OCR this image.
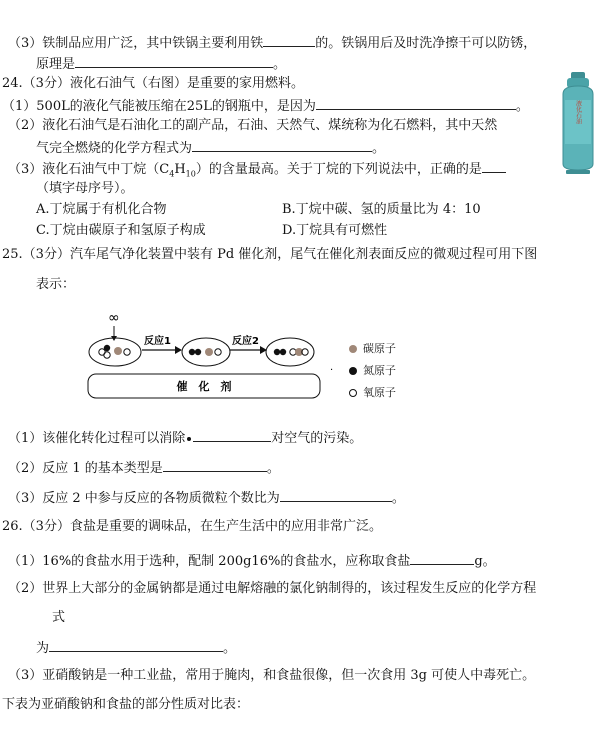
（3）铁制品应用广泛，其中铁锅主要利用铁	的。铁锅用后及时洗净擦干可以防锈，
原理是	。
24.（3分）液化石油气（右图）是重要的家用燃料。
（1）500L的液化气能被压缩在25L的钢瓶中，是因为	。
（2）液化石油气是石油化工的副产品，石油、天然气、煤统称为化石燃料，其中天然
气完全燃烧的化学方程式为	。
（3）液化石油气中丁烷$(C_4H_{10})$的含量最高。关于丁烷的下列说法中，正确的是
（填字母序号）。
A.丁烷属于有机化合物	B.丁烷中碳、氢的质量比为 4：10
C.丁烷由碳原子和氢原子构成	D.丁烷具有可燃性
液化石油
25.（3分）汽车尾气净化装置中装有 Pd 催化剂，尾气在催化剂表面反应的微观过程可用下图
表示：
∞
反应1	反应2
催　化　剂
.
碳原子
氮原子
氧原子
（1）该催化转化过程可以消除	对空气的污染。
（2）反应 1 的基本类型是	。
（3）反应 2 中参与反应的各物质微粒个数比为	。
26.（3分）食盐是重要的调味品，在生产生活中的应用非常广泛。
（1）16%的食盐水用于选种，配制 200g16%的食盐水，应称取食盐	g。
（2）世界上大部分的金属钠都是通过电解熔融的氯化钠制得的，该过程发生反应的化学方程
式
为	。
（3）亚硝酸钠是一种工业盐，常用于腌肉，和食盐很像，但一次食用 3g 可使人中毒死亡。
下表为亚硝酸钠和食盐的部分性质对比表：
